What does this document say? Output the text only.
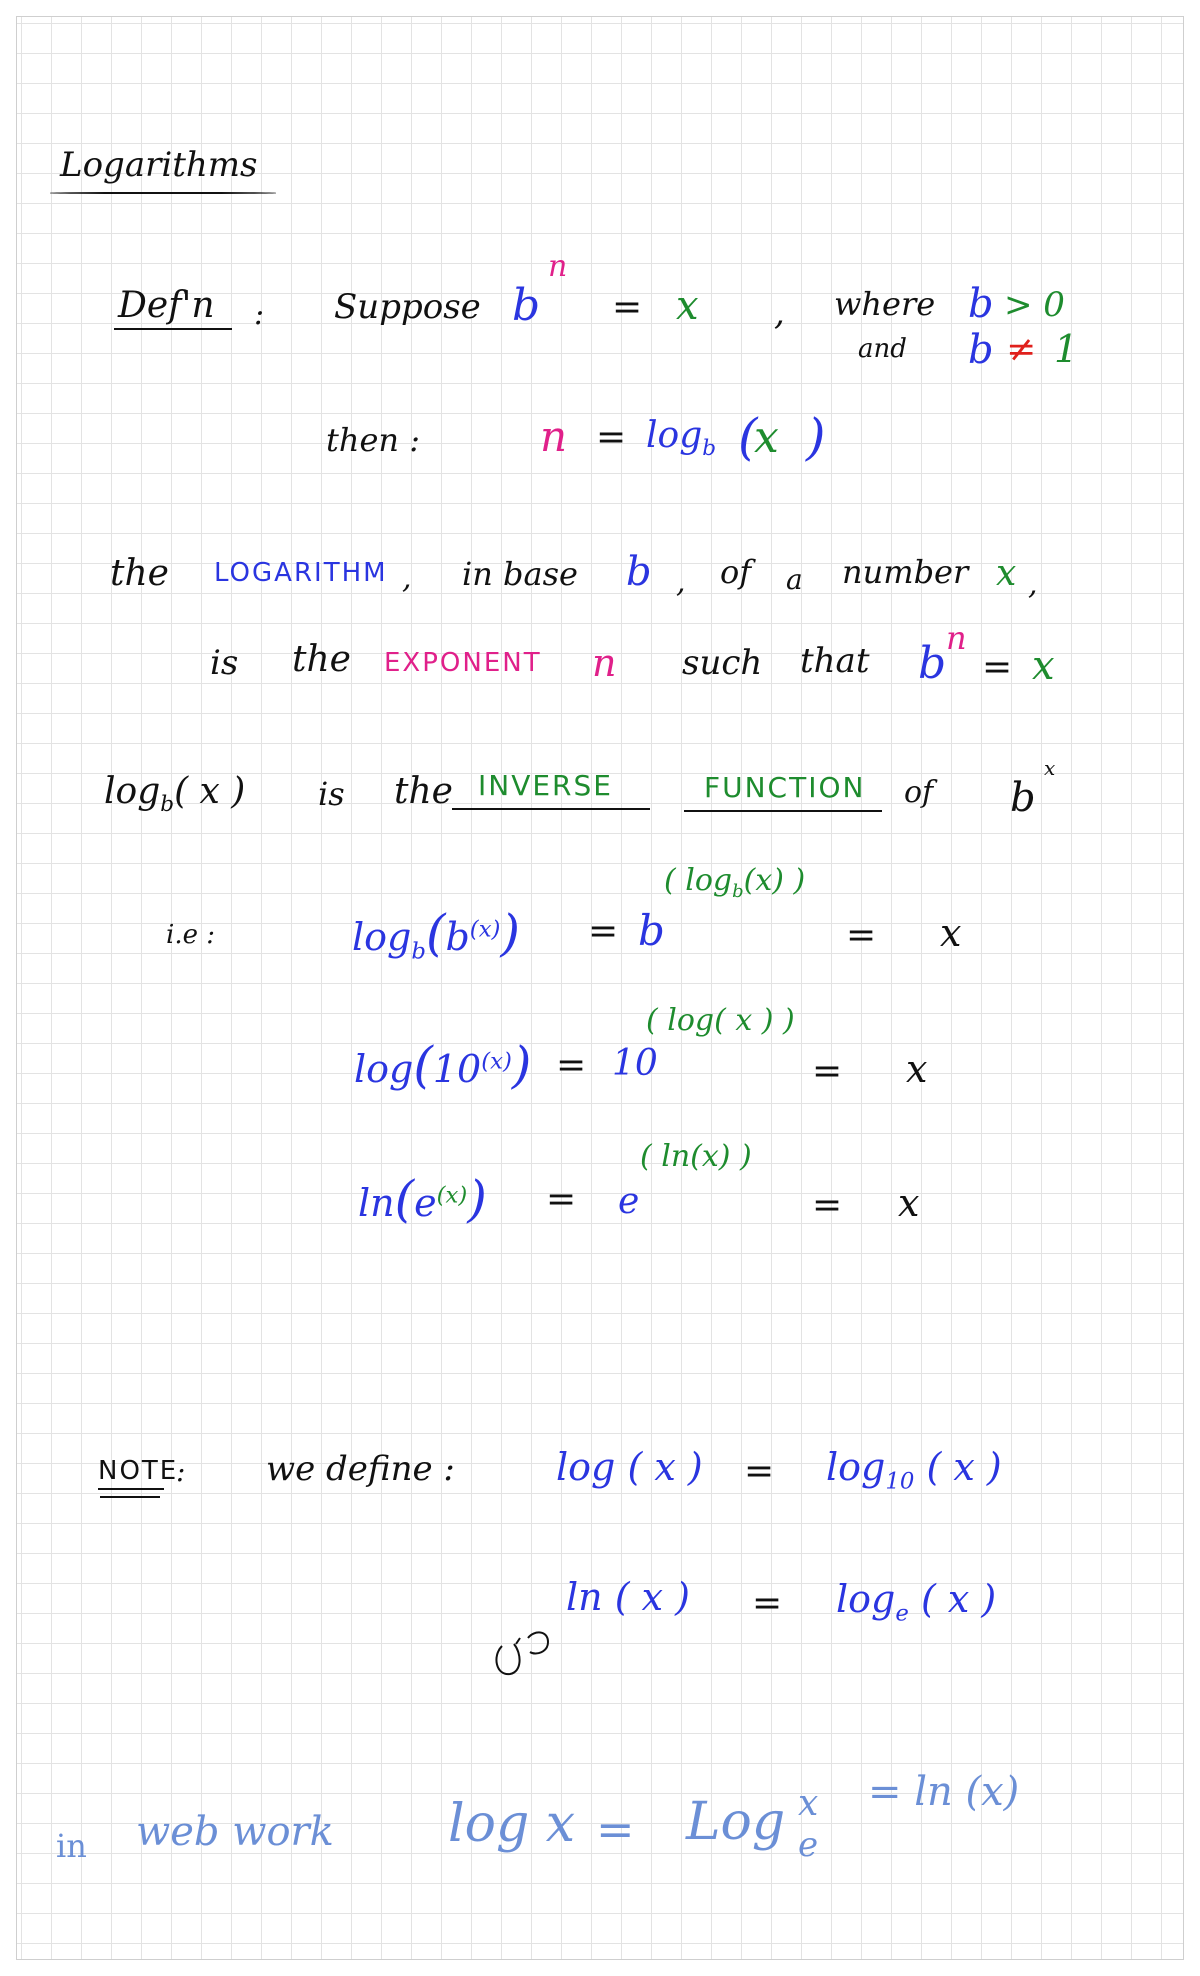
Logarithms
Def'n : Suppose b
n
= x , where b > 0
and b ≠ 1
then :	$n = \log_b$ (
x )
the LOGARITHM , in base b , of a number x ,
is the EXPONENT n such that b n
= x
$\log_b$( x ) is the INVERSE	FUNCTION of b
x
i.e :	$\log_b(b^{(x)}) = b$
( $\log_b(x)$ )
= x
$\log(10^{(x)}) = 10$
( log( x ) )
= x
$\ln(e^{(x)}) = e$
( ln(x) )
= x
NOTE
: we define :	log ( x ) = $\log_{10}$ ( x )
ln ( x ) = $\log_e$ ( x )
in web work log x = Log x
e
= ln (x)
